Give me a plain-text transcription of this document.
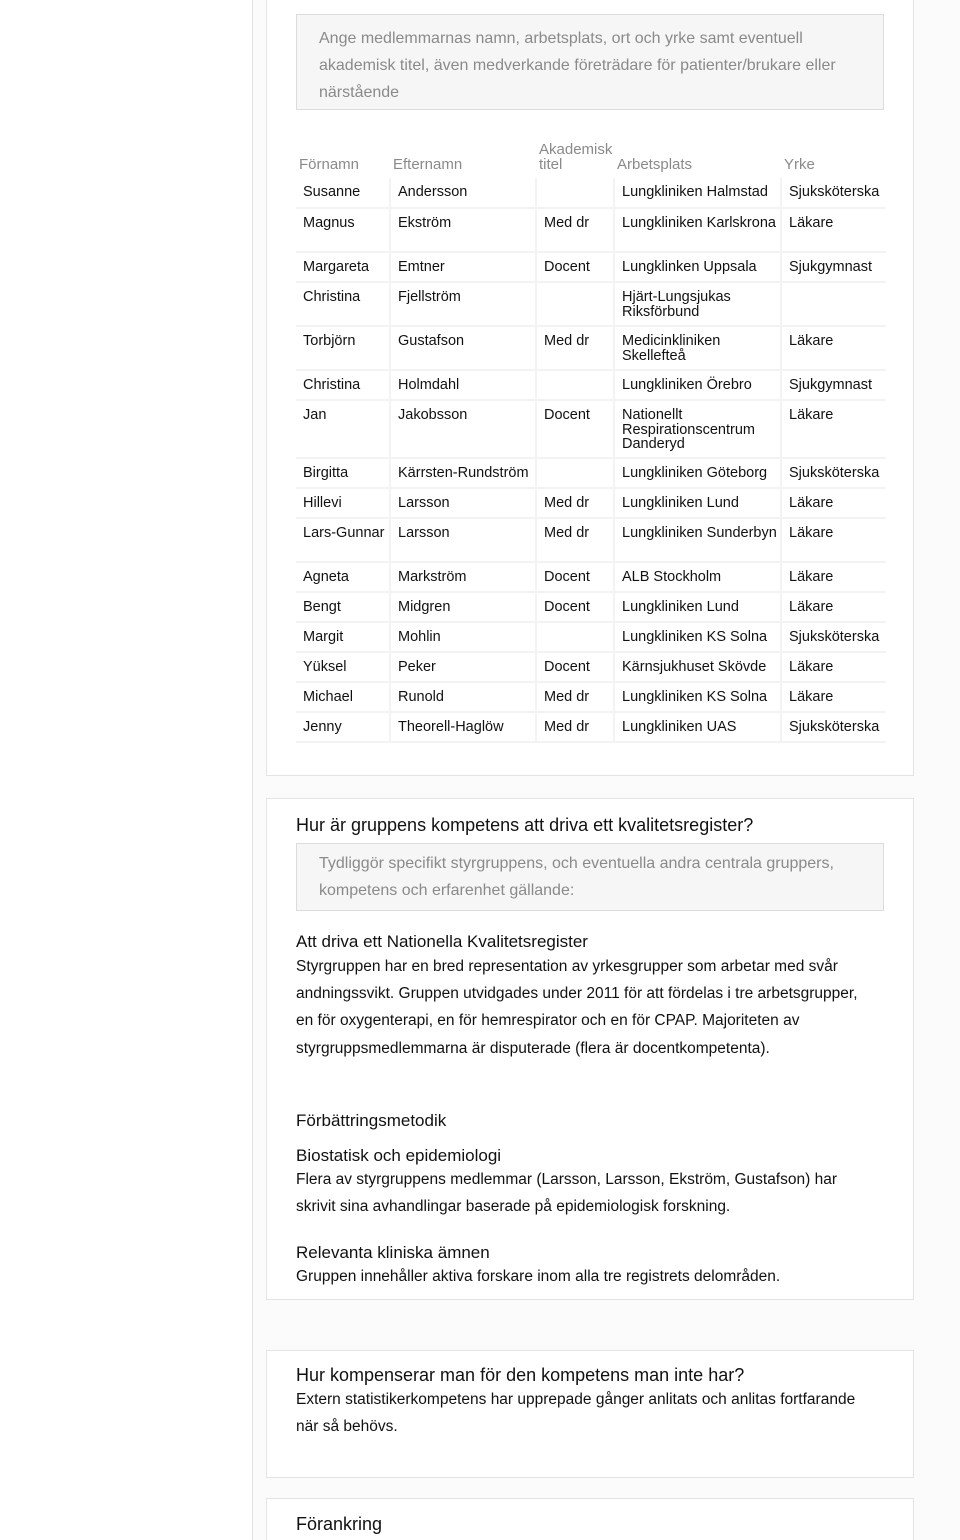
Ange medlemmarnas namn, arbetsplats, ort och yrke samt eventuell akademisk titel, även medverkande företrädare för patienter/brukare eller närstående
Förnamn	Efternamn	Akademisk titel	Arbetsplats	Yrke
Susanne	Andersson		Lungkliniken Halmstad	Sjuksköterska
Magnus	Ekström	Med dr	Lungkliniken Karlskrona	Läkare
Margareta	Emtner	Docent	Lungklinken Uppsala	Sjukgymnast
Christina	Fjellström		Hjärt-Lungsjukas Riksförbund	
Torbjörn	Gustafson	Med dr	Medicinkliniken Skellefteå	Läkare
Christina	Holmdahl		Lungkliniken Örebro	Sjukgymnast
Jan	Jakobsson	Docent	Nationellt Respirationscentrum Danderyd	Läkare
Birgitta	Kärrsten-Rundström		Lungkliniken Göteborg	Sjuksköterska
Hillevi	Larsson	Med dr	Lungkliniken Lund	Läkare
Lars-Gunnar	Larsson	Med dr	Lungkliniken Sunderbyn	Läkare
Agneta	Markström	Docent	ALB Stockholm	Läkare
Bengt	Midgren	Docent	Lungkliniken Lund	Läkare
Margit	Mohlin		Lungkliniken KS Solna	Sjuksköterska
Yüksel	Peker	Docent	Kärnsjukhuset Skövde	Läkare
Michael	Runold	Med dr	Lungkliniken KS Solna	Läkare
Jenny	Theorell-Haglöw	Med dr	Lungkliniken UAS	Sjuksköterska
Hur är gruppens kompetens att driva ett kvalitetsregister?
Tydliggör specifikt styrgruppens, och eventuella andra centrala gruppers, kompetens och erfarenhet gällande:
Att driva ett Nationella Kvalitetsregister
Styrgruppen har en bred representation av yrkesgrupper som arbetar med svår andningssvikt. Gruppen utvidgades under 2011 för att fördelas i tre arbetsgrupper, en för oxygenterapi, en för hemrespirator och en för CPAP. Majoriteten av styrgruppsmedlemmarna är disputerade (flera är docentkompetenta).
Förbättringsmetodik
Biostatisk och epidemiologi
Flera av styrgruppens medlemmar (Larsson, Larsson, Ekström, Gustafson) har skrivit sina avhandlingar baserade på epidemiologisk forskning.
Relevanta kliniska ämnen
Gruppen innehåller aktiva forskare inom alla tre registrets delområden.
Hur kompenserar man för den kompetens man inte har?
Extern statistikerkompetens har upprepade gånger anlitats och anlitas fortfarande när så behövs.
Förankring
